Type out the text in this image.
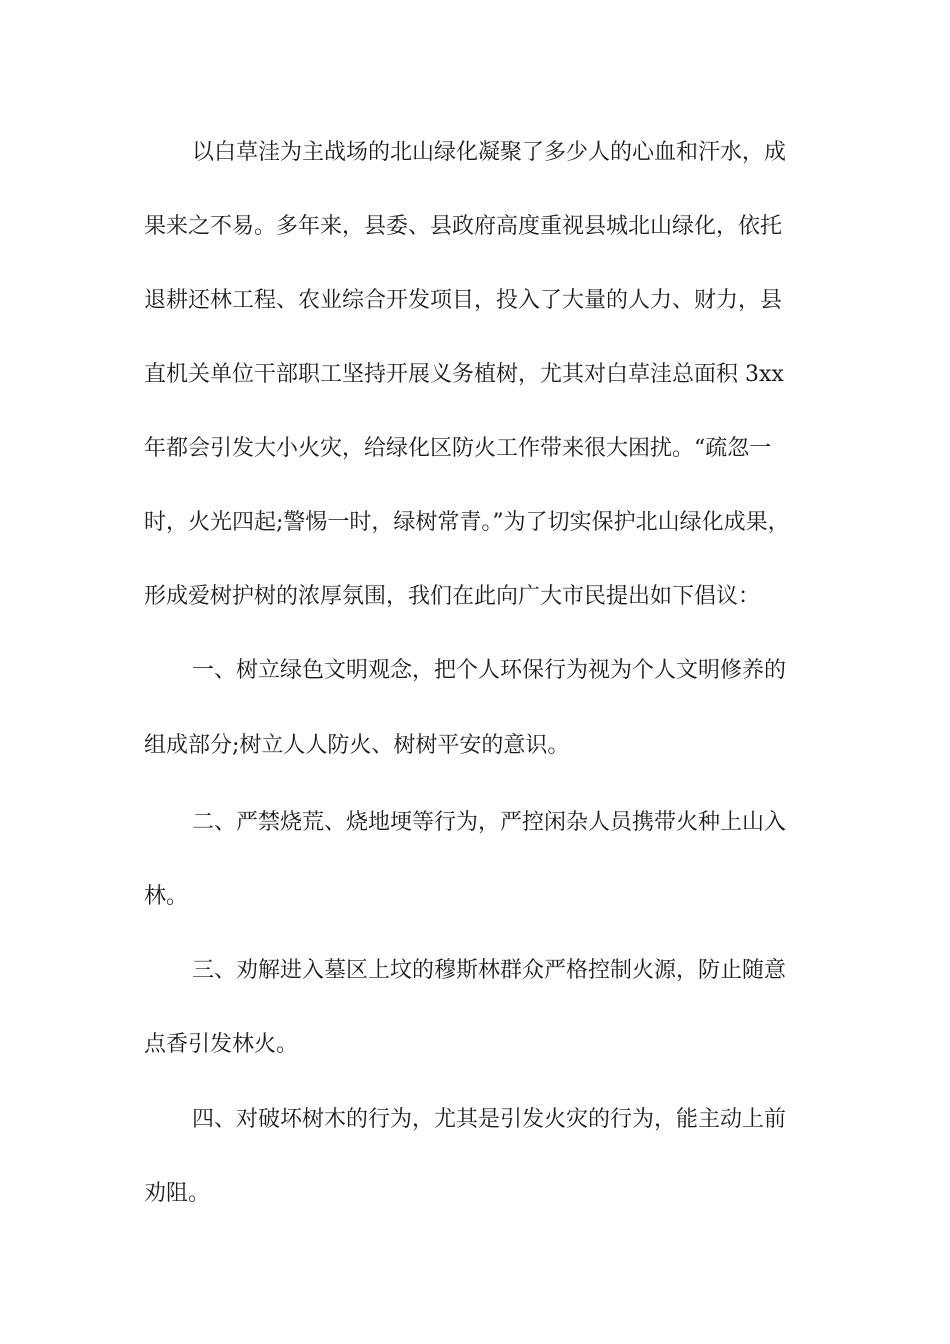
以白草洼为主战场的北山绿化凝聚了多少人的心血和汗水，成
果来之不易。多年来，县委、县政府高度重视县城北山绿化，依托
退耕还林工程、农业综合开发项目，投入了大量的人力、财力，县
直机关单位干部职工坚持开展义务植树，尤其对白草洼总面积 3xx
年都会引发大小火灾，给绿化区防火工作带来很大困扰。“疏忽一
时，火光四起;警惕一时，绿树常青。”为了切实保护北山绿化成果，
形成爱树护树的浓厚氛围，我们在此向广大市民提出如下倡议：
一、树立绿色文明观念，把个人环保行为视为个人文明修养的
组成部分;树立人人防火、树树平安的意识。
二、严禁烧荒、烧地埂等行为，严控闲杂人员携带火种上山入
林。
三、劝解进入墓区上坟的穆斯林群众严格控制火源，防止随意
点香引发林火。
四、对破坏树木的行为，尤其是引发火灾的行为，能主动上前
劝阻。
